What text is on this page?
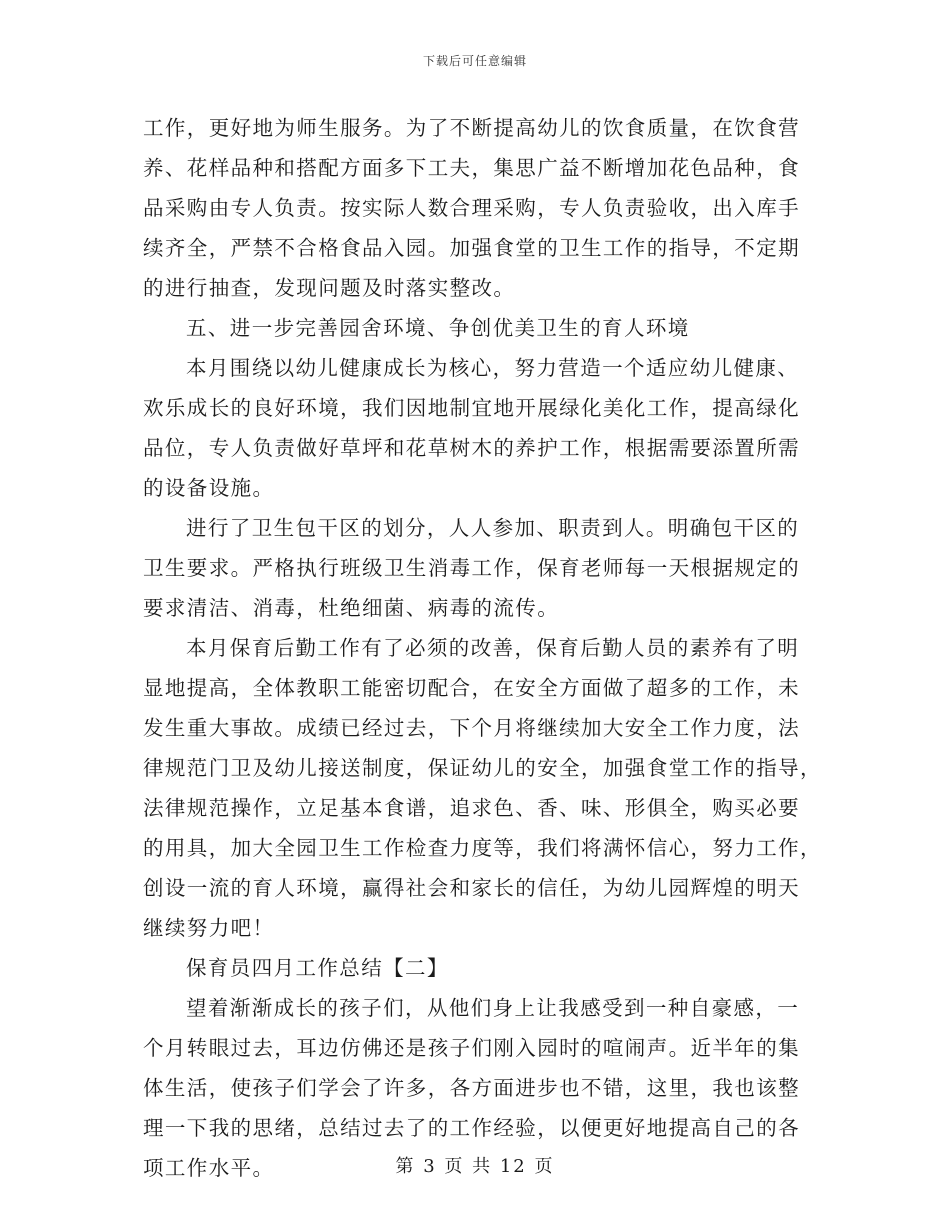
下载后可任意编辑
工作，更好地为师生服务。为了不断提高幼儿的饮食质量，在饮食营
养、花样品种和搭配方面多下工夫，集思广益不断增加花色品种，食
品采购由专人负责。按实际人数合理采购，专人负责验收，出入库手
续齐全，严禁不合格食品入园。加强食堂的卫生工作的指导，不定期
的进行抽查，发现问题及时落实整改。
五、进一步完善园舍环境、争创优美卫生的育人环境
本月围绕以幼儿健康成长为核心，努力营造一个适应幼儿健康、
欢乐成长的良好环境，我们因地制宜地开展绿化美化工作，提高绿化
品位，专人负责做好草坪和花草树木的养护工作，根据需要添置所需
的设备设施。
进行了卫生包干区的划分，人人参加、职责到人。明确包干区的
卫生要求。严格执行班级卫生消毒工作，保育老师每一天根据规定的
要求清洁、消毒，杜绝细菌、病毒的流传。
本月保育后勤工作有了必须的改善，保育后勤人员的素养有了明
显地提高，全体教职工能密切配合，在安全方面做了超多的工作，未
发生重大事故。成绩已经过去，下个月将继续加大安全工作力度，法
律规范门卫及幼儿接送制度，保证幼儿的安全，加强食堂工作的指导，
法律规范操作，立足基本食谱，追求色、香、味、形俱全，购买必要
的用具，加大全园卫生工作检查力度等，我们将满怀信心，努力工作，
创设一流的育人环境，赢得社会和家长的信任，为幼儿园辉煌的明天
继续努力吧！
保育员四月工作总结【二】
望着渐渐成长的孩子们，从他们身上让我感受到一种自豪感，一
个月转眼过去，耳边仿佛还是孩子们刚入园时的喧闹声。近半年的集
体生活，使孩子们学会了许多，各方面进步也不错，这里，我也该整
理一下我的思绪，总结过去了的工作经验，以便更好地提高自己的各
项工作水平。	第 3 页 共 12 页
